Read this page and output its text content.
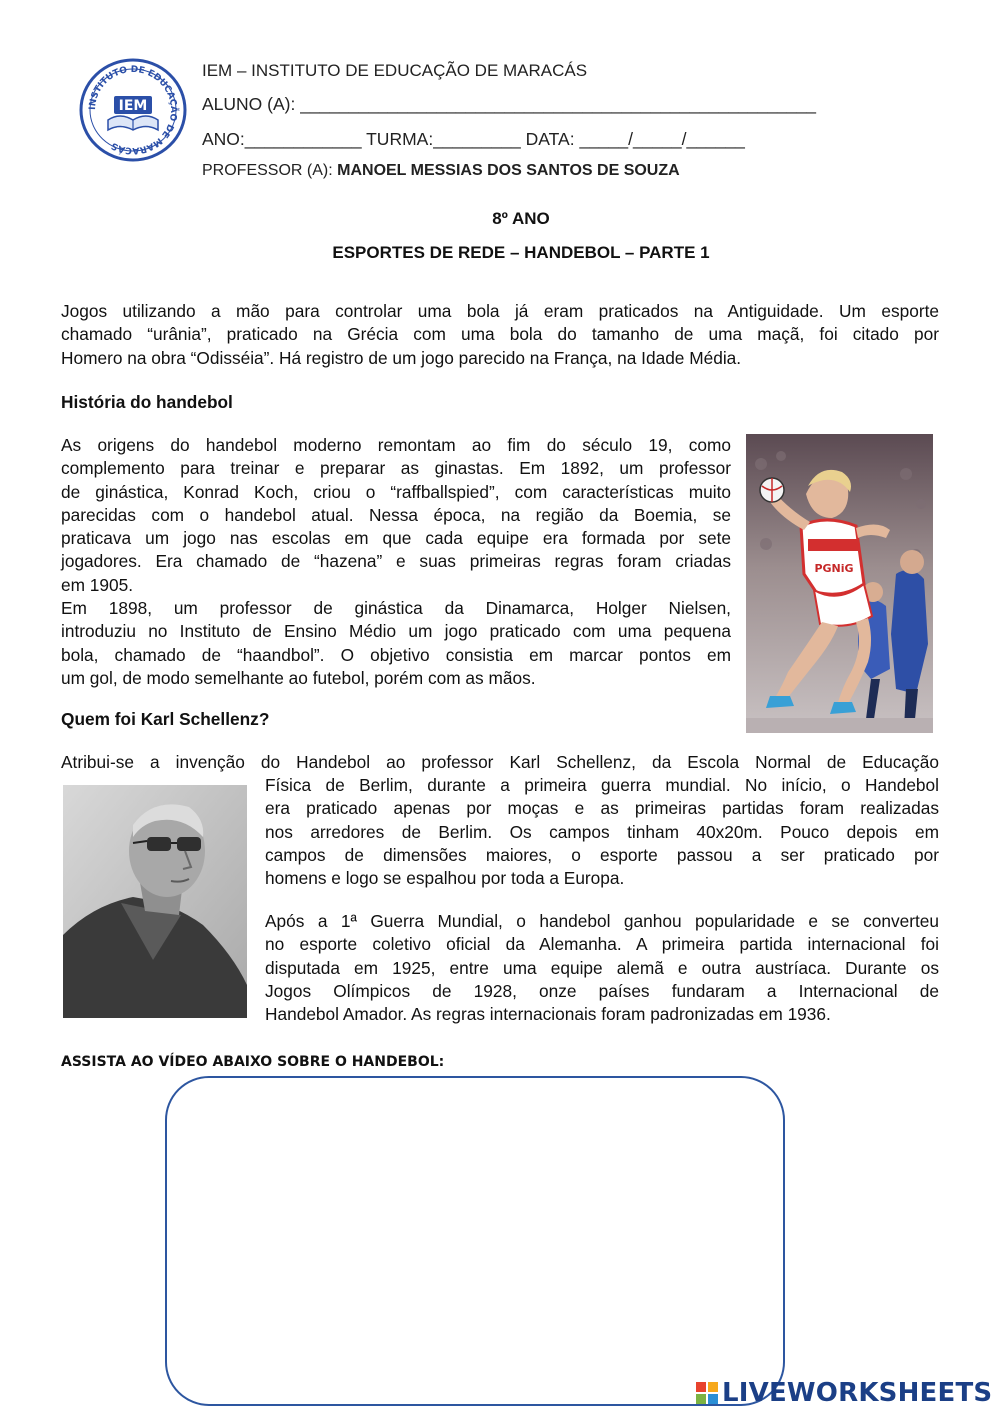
INSTITUTO DE EDUCAÇÃO DE MARACÁS
IEM
IEM – INSTITUTO DE EDUCAÇÃO DE MARACÁS
ALUNO (A): _____________________________________________________
ANO:____________ TURMA:_________ DATA: _____/_____/______
PROFESSOR (A): MANOEL MESSIAS DOS SANTOS DE SOUZA
8º ANO
ESPORTES DE REDE – HANDEBOL – PARTE 1
Jogos utilizando a mão para controlar uma bola já eram praticados na Antiguidade. Um esporte
chamado “urânia”, praticado na Grécia com uma bola do tamanho de uma maçã, foi citado por
Homero na obra “Odisséia”. Há registro de um jogo parecido na França, na Idade Média.
História do handebol
As origens do handebol moderno remontam ao fim do século 19, como
complemento para treinar e preparar as ginastas. Em 1892, um professor
de ginástica, Konrad Koch, criou o “raffballspied”, com características muito
parecidas com o handebol atual. Nessa época, na região da Boemia, se
praticava um jogo nas escolas em que cada equipe era formada por sete
jogadores. Era chamado de “hazena” e suas primeiras regras foram criadas
em 1905.
Em 1898, um professor de ginástica da Dinamarca, Holger Nielsen,
introduziu no Instituto de Ensino Médio um jogo praticado com uma pequena
bola, chamado de “haandbol”. O objetivo consistia em marcar pontos em
um gol, de modo semelhante ao futebol, porém com as mãos.
PGNiG
Quem foi Karl Schellenz?
Atribui-se a invenção do Handebol ao professor Karl Schellenz, da Escola Normal de Educação
Física de Berlim, durante a primeira guerra mundial. No início, o Handebol
era praticado apenas por moças e as primeiras partidas foram realizadas
nos arredores de Berlim. Os campos tinham 40x20m. Pouco depois em
campos de dimensões maiores, o esporte passou a ser praticado por
homens e logo se espalhou por toda a Europa.
Após a 1ª Guerra Mundial, o handebol ganhou popularidade e se converteu
no esporte coletivo oficial da Alemanha. A primeira partida internacional foi
disputada em 1925, entre uma equipe alemã e outra austríaca. Durante os
Jogos Olímpicos de 1928, onze países fundaram a Internacional de
Handebol Amador. As regras internacionais foram padronizadas em 1936.
ASSISTA AO VÍDEO ABAIXO SOBRE O HANDEBOL:
LIVEWORKSHEETS
